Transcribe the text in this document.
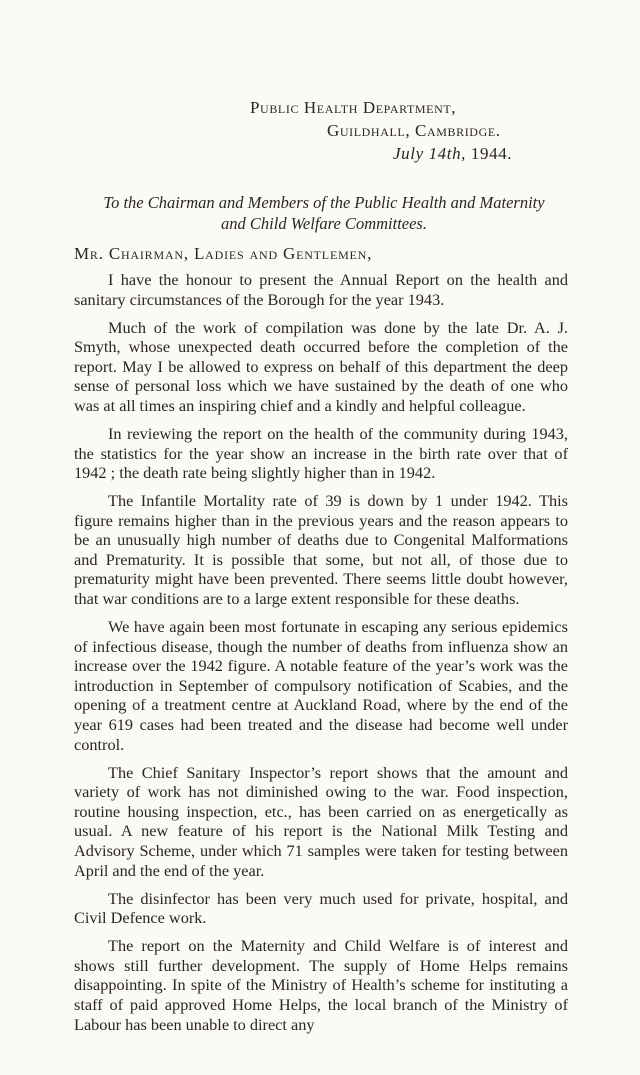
Public Health Department,
Guildhall, Cambridge.
July 14th, 1944.
To the Chairman and Members of the Public Health and Maternity
and Child Welfare Committees.
Mr. Chairman, Ladies and Gentlemen,

I have the honour to present the Annual Report on the health and sanitary circumstances of the Borough for the year 1943.

Much of the work of compilation was done by the late Dr. A. J. Smyth, whose unexpected death occurred before the completion of the report. May I be allowed to express on behalf of this department the deep sense of personal loss which we have sustained by the death of one who was at all times an inspiring chief and a kindly and helpful colleague.

In reviewing the report on the health of the community during 1943, the statistics for the year show an increase in the birth rate over that of 1942 ; the death rate being slightly higher than in 1942.

The Infantile Mortality rate of 39 is down by 1 under 1942. This figure remains higher than in the previous years and the reason appears to be an unusually high number of deaths due to Congenital Malformations and Prematurity. It is possible that some, but not all, of those due to prematurity might have been prevented. There seems little doubt however, that war conditions are to a large extent responsible for these deaths.

We have again been most fortunate in escaping any serious epidemics of infectious disease, though the number of deaths from influenza show an increase over the 1942 figure. A notable feature of the year’s work was the introduction in September of compulsory notification of Scabies, and the opening of a treatment centre at Auckland Road, where by the end of the year 619 cases had been treated and the disease had become well under control.

The Chief Sanitary Inspector’s report shows that the amount and variety of work has not diminished owing to the war. Food inspection, routine housing inspection, etc., has been carried on as energetically as usual. A new feature of his report is the National Milk Testing and Advisory Scheme, under which 71 samples were taken for testing between April and the end of the year.

The disinfector has been very much used for private, hospital, and Civil Defence work.

The report on the Maternity and Child Welfare is of interest and shows still further development. The supply of Home Helps remains disappointing. In spite of the Ministry of Health’s scheme for instituting a staff of paid approved Home Helps, the local branch of the Ministry of Labour has been unable to direct any
